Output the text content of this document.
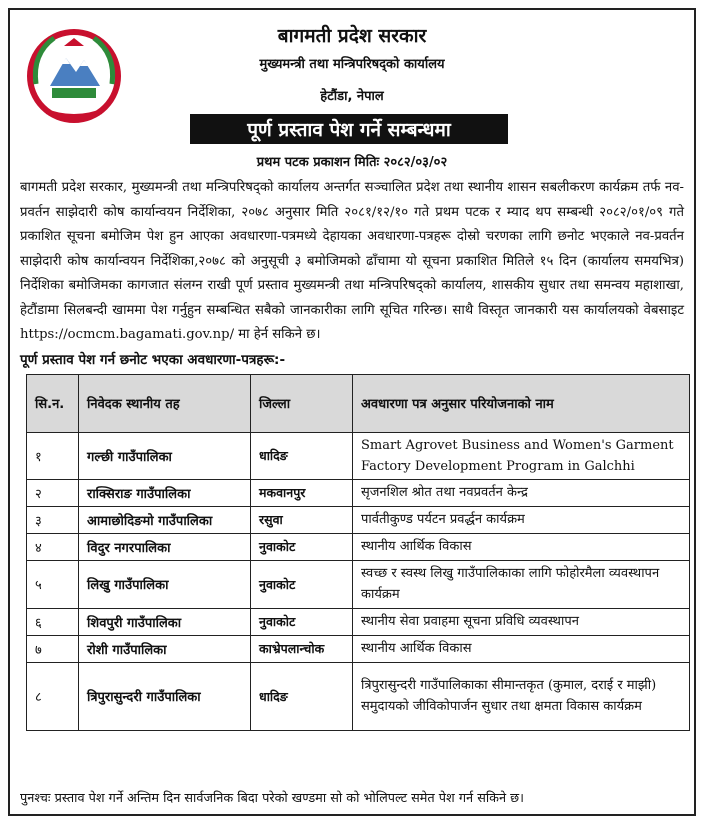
बागमती प्रदेश सरकार
मुख्यमन्त्री तथा मन्त्रिपरिषद्को कार्यालय
हेटौंडा, नेपाल
पूर्ण प्रस्ताव पेश गर्ने सम्बन्धमा
प्रथम पटक प्रकाशन मितिः २०८२/०३/०२

बागमती प्रदेश सरकार, मुख्यमन्त्री तथा मन्त्रिपरिषद्को कार्यालय अन्तर्गत सञ्चालित प्रदेश तथा स्थानीय शासन सबलीकरण कार्यक्रम तर्फ नव-प्रवर्तन साझेदारी कोष कार्यान्वयन निर्देशिका, २०७८ अनुसार मिति २०८१/१२/१० गते प्रथम पटक र म्याद थप सम्बन्धी २०८२/०१/०९ गते प्रकाशित सूचना बमोजिम पेश हुन आएका अवधारणा-पत्रमध्ये देहायका अवधारणा-पत्रहरू दोस्रो चरणका लागि छनोट भएकाले नव-प्रवर्तन साझेदारी कोष कार्यान्वयन निर्देशिका,२०७८ को अनुसूची ३ बमोजिमको ढाँचामा यो सूचना प्रकाशित मितिले १५ दिन (कार्यालय समयभित्र) निर्देशिका बमोजिमका कागजात संलग्न राखी पूर्ण प्रस्ताव मुख्यमन्त्री तथा मन्त्रिपरिषद्को कार्यालय, शासकीय सुधार तथा समन्वय महाशाखा, हेटौंडामा सिलबन्दी खाममा पेश गर्नुहुन सम्बन्धित सबैको जानकारीका लागि सूचित गरिन्छ। साथै विस्तृत जानकारी यस कार्यालयको वेबसाइट https://ocmcm.bagamati.gov.np/ मा हेर्न सकिने छ।

पूर्ण प्रस्ताव पेश गर्न छनोट भएका अवधारणा-पत्रहरू:-
सि.न.	निवेदक स्थानीय तह	जिल्ला	अवधारणा पत्र अनुसार परियोजनाको नाम
१	गल्छी गाउँपालिका	धादिङ	Smart Agrovet Business and Women's Garment Factory Development Program in Galchhi
२	राक्सिराङ गाउँपालिका	मकवानपुर	सृजनशिल श्रोत तथा नवप्रवर्तन केन्द्र
३	आमाछोदिङमो गाउँपालिका	रसुवा	पार्वतीकुण्ड पर्यटन प्रवर्द्धन कार्यक्रम
४	विदुर नगरपालिका	नुवाकोट	स्थानीय आर्थिक विकास
५	लिखु गाउँपालिका	नुवाकोट	स्वच्छ र स्वस्थ लिखु गाउँपालिकाका लागि फोहोरमैला व्यवस्थापन कार्यक्रम
६	शिवपुरी गाउँपालिका	नुवाकोट	स्थानीय सेवा प्रवाहमा सूचना प्रविधि व्यवस्थापन
७	रोशी गाउँपालिका	काभ्रेपलान्चोक	स्थानीय आर्थिक विकास
८	त्रिपुरासुन्दरी गाउँपालिका	धादिङ	त्रिपुरासुन्दरी गाउँपालिकाका सीमान्तकृत (कुमाल, दराई र माझी) समुदायको जीविकोपार्जन सुधार तथा क्षमता विकास कार्यक्रम
पुनश्चः प्रस्ताव पेश गर्ने अन्तिम दिन सार्वजनिक बिदा परेको खण्डमा सो को भोलिपल्ट समेत पेश गर्न सकिने छ।
